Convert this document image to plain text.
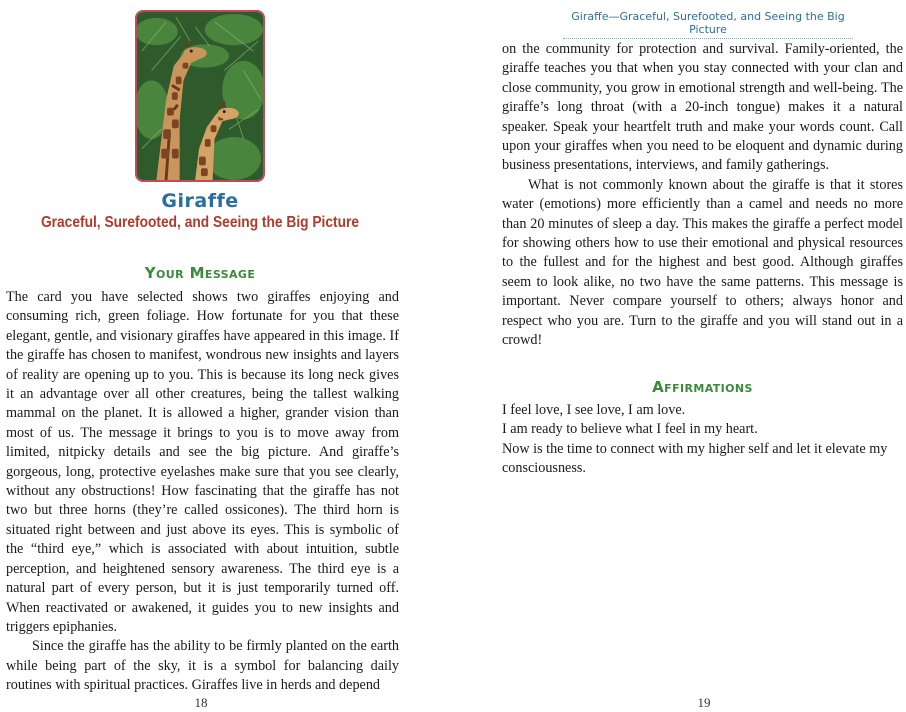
Giraffe
Graceful, Surefooted, and Seeing the Big Picture
Your Message

The card you have selected shows two giraffes enjoying and consuming rich, green foliage. How fortunate for you that these elegant, gentle, and visionary giraffes have appeared in this image. If the giraffe has chosen to manifest, wondrous new insights and layers of reality are opening up to you. This is because its long neck gives it an advantage over all other creatures, being the tallest walking mammal on the planet. It is allowed a higher, grander vision than most of us. The message it brings to you is to move away from limited, nitpicky details and see the big picture. And giraffe’s gorgeous, long, protective eyelashes make sure that you see clearly, without any obstructions! How fascinating that the giraffe has not two but three horns (they’re called ossicones). The third horn is situated right between and just above its eyes. This is symbolic of the “third eye,” which is associated with about intuition, subtle perception, and heightened sensory awareness. The third eye is a natural part of every person, but it is just temporarily turned off. When reactivated or awakened, it guides you to new insights and triggers epiphanies.

Since the giraffe has the ability to be firmly planted on the earth while being part of the sky, it is a symbol for balancing daily routines with spiritual practices. Giraffes live in herds and depend

18
Giraffe—Graceful, Surefooted, and Seeing the Big Picture

on the community for protection and survival. Family-oriented, the giraffe teaches you that when you stay connected with your clan and close community, you grow in emotional strength and well-being. The giraffe’s long throat (with a 20-inch tongue) makes it a natural speaker. Speak your heartfelt truth and make your words count. Call upon your giraffes when you need to be eloquent and dynamic during business presentations, interviews, and family gatherings.

What is not commonly known about the giraffe is that it stores water (emotions) more efficiently than a camel and needs no more than 20 minutes of sleep a day. This makes the giraffe a perfect model for showing others how to use their emotional and physical resources to the fullest and for the highest and best good. Although giraffes seem to look alike, no two have the same patterns. This message is important. Never compare yourself to others; always honor and respect who you are. Turn to the giraffe and you will stand out in a crowd!

Affirmations
I feel love, I see love, I am love.
I am ready to believe what I feel in my heart.
Now is the time to connect with my higher self and let it elevate my consciousness.
19
